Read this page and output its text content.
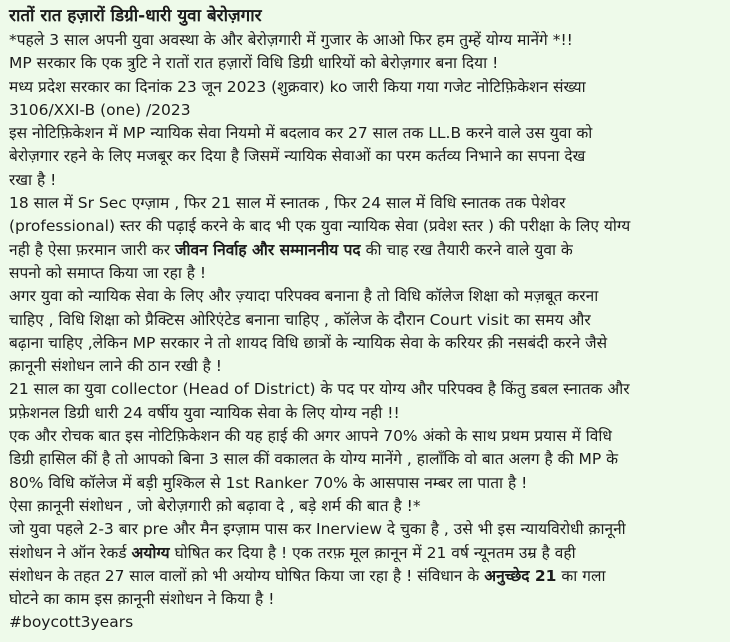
रातों रात हज़ारों डिग्री-धारी युवा बेरोज़गार
*पहले 3 साल अपनी युवा अवस्था के और बेरोज़गारी में गुजार के आओ फिर हम तुम्हें योग्य मानेंगे *!!
MP सरकार कि एक त्रुटि ने रातों रात हज़ारों विधि डिग्री धारियों को बेरोज़गार बना दिया !
मध्य प्रदेश सरकार का दिनांक 23 जून 2023 (शुक्रवार) ko जारी किया गया गजेट नोटिफ़िकेशन संख्या
3106/XXI-B (one) /2023
इस नोटिफ़िकेशन में MP न्यायिक सेवा नियमो में बदलाव कर 27 साल तक LL.B करने वाले उस युवा को
बेरोज़गार रहने के लिए मजबूर कर दिया है जिसमें न्यायिक सेवाओं का परम कर्तव्य निभाने का सपना देख
रखा है !
18 साल में Sr Sec एग्ज़ाम , फिर 21 साल में स्नातक , फिर 24 साल में विधि स्नातक तक पेशेवर
(professional) स्तर की पढ़ाई करने के बाद भी एक युवा न्यायिक सेवा (प्रवेश स्तर ) की परीक्षा के लिए योग्य
नही है ऐसा फ़रमान जारी कर जीवन निर्वाह और सम्माननीय पद की चाह रख तैयारी करने वाले युवा के
सपनो को समाप्त किया जा रहा है !
अगर युवा को न्यायिक सेवा के लिए और ज़्यादा परिपक्व बनाना है तो विधि कॉलेज शिक्षा को मज़बूत करना
चाहिए , विधि शिक्षा को प्रैक्टिस ओरिएंटेड बनाना चाहिए , कॉलेज के दौरान Court visit का समय और
बढ़ाना चाहिए ,लेकिन MP सरकार ने तो शायद विधि छात्रों के न्यायिक सेवा के करियर क़ी नसबंदी करने जैसे
क़ानूनी संशोधन लाने की ठान रखी है !
21 साल का युवा collector (Head of District) के पद पर योग्य और परिपक्व है किंतु डबल स्नातक और
प्रफ़ेशनल डिग्री धारी 24 वर्षीय युवा न्यायिक सेवा के लिए योग्य नही !!
एक और रोचक बात इस नोटिफ़िकेशन की यह हाई की अगर आपने 70% अंको के साथ प्रथम प्रयास में विधि
डिग्री हासिल कीं है तो आपको बिना 3 साल कीं वकालत के योग्य मानेंगे , हालाँकि वो बात अलग है की MP के
80% विधि कॉलेज में बड़ी मुश्किल से 1st Ranker 70% के आसपास नम्बर ला पाता है !
ऐसा क़ानूनी संशोधन , जो बेरोज़गारी क़ो बढ़ावा दे , बड़े शर्म की बात है !*
जो युवा पहले 2-3 बार pre और मैन इग्ज़ाम पास कर Inerview दे चुका है , उसे भी इस न्यायविरोधी क़ानूनी
संशोधन ने ऑन रेकर्ड अयोग्य घोषित कर दिया है ! एक तरफ़ मूल क़ानून में 21 वर्ष न्यूनतम उम्र है वही
संशोधन के तहत 27 साल वालों क़ो भी अयोग्य घोषित किया जा रहा है ! संविधान के अनुच्छेद 21 का गला
घोटने का काम इस क़ानूनी संशोधन ने किया है !
#boycott3years
